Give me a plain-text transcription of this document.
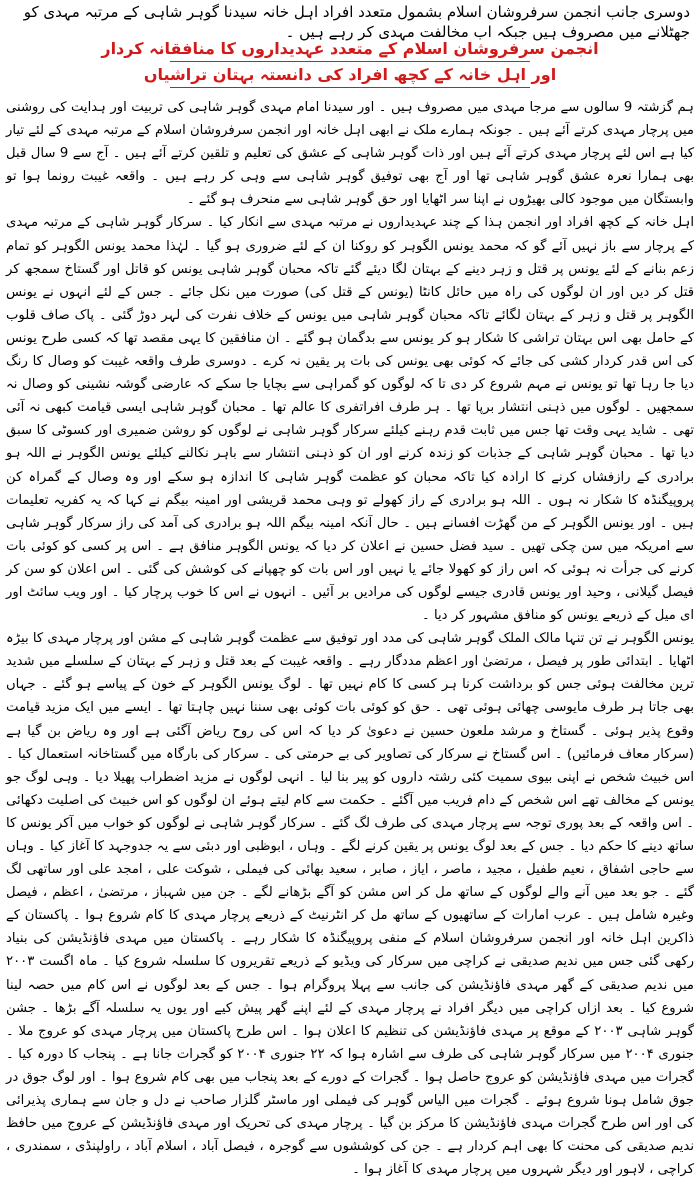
دوسری جانب انجمن سرفروشان اسلام بشمول متعدد افراد اہل خانہ سیدنا گوہر شاہی کے مرتبہ مہدی کو جھٹلانے میں مصروف ہیں جبکہ اب مخالفت مہدی کر رہے ہیں ۔
انجمن سرفروشان اسلام کے متعدد عہدیداروں کا منافقانہ کردار
اور اہل خانہ کے کچھ افراد کی دانستہ بہتان تراشیاں

ہم گزشتہ 9 سالوں سے مرجا مہدی میں مصروف ہیں ۔ اور سیدنا امام مہدی گوہر شاہی کی تربیت اور ہدایت کی روشنی میں پرچار مہدی کرتے آئے ہیں ۔ جونکہ ہمارے ملک نے ابھی اہل خانہ اور انجمن سرفروشان اسلام کے مرتبہ مہدی کے لئے تیار کیا ہے اس لئے پرچار مہدی کرتے آئے ہیں اور ذات گوہر شاہی کے عشق کی تعلیم و تلقین کرتے آئے ہیں ۔ آج سے 9 سال قبل بھی ہمارا نعرہ عشق گوہر شاہی تھا اور آج بھی توفیق گوہر شاہی سے وہی کر رہے ہیں ۔ واقعہ غیبت رونما ہوا تو وابستگان میں موجود کالی بھیڑوں نے اپنا سر اٹھایا اور حق گوہر شاہی سے منحرف ہو گئے ۔

اہل خانہ کے کچھ افراد اور انجمن ہذا کے چند عہدیداروں نے مرتبہ مہدی سے انکار کیا ۔ سرکار گوہر شاہی کے مرتبہ مہدی کے پرچار سے باز نہیں آئے گو کہ محمد یونس الگوہر کو روکنا ان کے لئے ضروری ہو گیا ۔ لہٰذا محمد یونس الگوہر کو تمام زعم بنانے کے لئے یونس پر قتل و زہر دینے کے بہتان لگا دیئے گئے تاکہ محبان گوہر شاہی یونس کو قاتل اور گستاخ سمجھ کر قتل کر دیں اور ان لوگوں کی راہ میں حائل کانٹا (یونس کے قتل کی) صورت میں نکل جائے ۔ جس کے لئے انہوں نے یونس الگوہر پر قتل و زہر کے بہتان لگائے تاکہ محبان گوہر شاہی میں یونس کے خلاف نفرت کی لہر دوڑ گئی ۔ پاک صاف قلوب کے حامل بھی اس بہتان تراشی کا شکار ہو کر یونس سے بدگمان ہو گئے ۔ ان منافقین کا یہی مقصد تھا کہ کسی طرح یونس کی اس قدر کردار کشی کی جائے کہ کوئی بھی یونس کی بات پر یقین نہ کرے ۔ دوسری طرف واقعہ غیبت کو وصال کا رنگ دیا جا رہا تھا تو یونس نے مہم شروع کر دی تا کہ لوگوں کو گمراہی سے بچایا جا سکے کہ عارضی گوشہ نشینی کو وصال نہ سمجھیں ۔ لوگوں میں ذہنی انتشار برپا تھا ۔ ہر طرف افراتفری کا عالم تھا ۔ محبان گوہر شاہی ایسی قیامت کبھی نہ آئی تھی ۔ شاید یہی وقت تھا جس میں ثابت قدم رہنے کیلئے سرکار گوہر شاہی نے لوگوں کو روشن ضمیری اور کسوٹی کا سبق دیا تھا ۔ محبان گوہر شاہی کے جذبات کو زندہ کرنے اور ان کو ذہنی انتشار سے باہر نکالنے کیلئے یونس الگوہر نے اللہ ہو برادری کے رازفشاں کرنے کا ارادہ کیا تاکہ محبان کو عظمت گوہر شاہی کا اندازہ ہو سکے اور وہ وصال کے گمراہ کن پروپیگنڈہ کا شکار نہ ہوں ۔ اللہ ہو برادری کے راز کھولے تو وہی محمد قریشی اور امینہ بیگم نے کہا کہ یہ کفریہ تعلیمات ہیں ۔ اور یونس الگوہر کے من گھڑت افسانے ہیں ۔ حال آنکہ امینہ بیگم اللہ ہو برادری کی آمد کی راز سرکار گوہر شاہی سے امریکہ میں سن چکی تھیں ۔ سید فضل حسین نے اعلان کر دیا کہ یونس الگوہر منافق ہے ۔ اس پر کسی کو کوئی بات کرنے کی جرأت نہ ہوئی کہ اس راز کو کھولا جائے یا نہیں اور اس بات کو چھپانے کی کوشش کی گئی ۔ اس اعلان کو سن کر فیصل گیلانی ، وحید اور یونس قادری جیسے لوگوں کی مرادیں بر آئیں ۔ انہوں نے اس کا خوب پرچار کیا ۔ اور ویب سائٹ اور ای میل کے ذریعے یونس کو منافق مشہور کر دیا ۔

یونس الگوہر نے تن تنہا مالک الملک گوہر شاہی کی مدد اور توفیق سے عظمت گوہر شاہی کے مشن اور پرچار مہدی کا بیڑہ اٹھایا ۔ ابتدائی طور پر فیصل ، مرتضیٰ اور اعظم مددگار رہے ۔ واقعہ غیبت کے بعد قتل و زہر کے بہتان کے سلسلے میں شدید ترین مخالفت ہوئی جس کو برداشت کرنا ہر کسی کا کام نہیں تھا ۔ لوگ یونس الگوہر کے خون کے پیاسے ہو گئے ۔ جہاں بھی جاتا ہر طرف مایوسی چھائی ہوئی تھی ۔ حق کو کوئی بات کوئی بھی سننا نہیں چاہتا تھا ۔ ایسے میں ایک مزید قیامت وقوع پذیر ہوئی ۔ گستاخ و مرشد ملعون حسین نے دعویٰ کر دیا کہ اس کی روح ریاض آگئی ہے اور وہ ریاض بن گیا ہے (سرکار معاف فرمائیں) ۔ اس گستاخ نے سرکار کی تصاویر کی بے حرمتی کی ۔ سرکار کی بارگاہ میں گستاخانہ استعمال کیا ۔ اس خبیث شخص نے اپنی بیوی سمیت کئی رشتہ داروں کو پیر بنا لیا ۔ انہی لوگوں نے مزید اضطراب پھیلا دیا ۔ وہی لوگ جو یونس کے مخالف تھے اس شخص کے دام فریب میں آگئے ۔ حکمت سے کام لیتے ہوئے ان لوگوں کو اس خبیث کی اصلیت دکھائی ۔ اس واقعہ کے بعد پوری توجہ سے پرچار مہدی کی طرف لگ گئے ۔ سرکار گوہر شاہی نے لوگوں کو خواب میں آکر یونس کا ساتھ دینے کا حکم دیا ۔ جس کے بعد لوگ یونس پر یقین کرنے لگے ۔ وہاں ، ابوظبی اور دبئی سے یہ جدوجہد کا آغاز کیا ۔ وہاں سے حاجی اشفاق ، نعیم طفیل ، مجید ، ماصر ، ایاز ، صابر ، سعید بھائی کی فیملی ، شوکت علی ، امجد علی اور ساتھی لگ گئے ۔ جو بعد میں آنے والے لوگوں کے ساتھ مل کر اس مشن کو آگے بڑھانے لگے ۔ جن میں شہباز ، مرتضیٰ ، اعظم ، فیصل وغیرہ شامل ہیں ۔ عرب امارات کے ساتھیوں کے ساتھ مل کر انٹرنیٹ کے ذریعے پرچار مہدی کا کام شروع ہوا ۔ پاکستان کے ذاکرین اہل خانہ اور انجمن سرفروشان اسلام کے منفی پروپیگنڈہ کا شکار رہے ۔ پاکستان میں مہدی فاؤنڈیشن کی بنیاد رکھی گئی جس میں ندیم صدیقی نے کراچی میں سرکار کی ویڈیو کے ذریعے تقریروں کا سلسلہ شروع کیا ۔ ماہ اگست ۲۰۰۳ میں ندیم صدیقی کے گھر مہدی فاؤنڈیشن کی جانب سے پہلا پروگرام ہوا ۔ جس کے بعد لوگوں نے اس کام میں حصہ لینا شروع کیا ۔ بعد ازاں کراچی میں دیگر افراد نے پرچار مہدی کے لئے اپنے گھر پیش کیے اور یوں یہ سلسلہ آگے بڑھا ۔ جشن گوہر شاہی ۲۰۰۳ کے موقع پر مہدی فاؤنڈیشن کی تنظیم کا اعلان ہوا ۔ اس طرح پاکستان میں پرچار مہدی کو عروج ملا ۔ جنوری ۲۰۰۴ میں سرکار گوہر شاہی کی طرف سے اشارہ ہوا کہ ۲۲ جنوری ۲۰۰۴ کو گجرات جانا ہے ۔ پنجاب کا دورہ کیا ۔ گجرات میں مہدی فاؤنڈیشن کو عروج حاصل ہوا ۔ گجرات کے دورے کے بعد پنجاب میں بھی کام شروع ہوا ۔ اور لوگ جوق در جوق شامل ہونا شروع ہوئے ۔ گجرات میں الیاس گوہر کی فیملی اور ماسٹر گلزار صاحب نے دل و جان سے ہماری پذیرائی کی اور اس طرح گجرات مہدی فاؤنڈیشن کا مرکز بن گیا ۔ پرچار مہدی کی تحریک اور مہدی فاؤنڈیشن کے عروج میں حافظ ندیم صدیقی کی محنت کا بھی اہم کردار ہے ۔ جن کی کوششوں سے گوجرہ ، فیصل آباد ، اسلام آباد ، راولپنڈی ، سمندری ، کراچی ، لاہور اور دیگر شہروں میں پرچار مہدی کا آغاز ہوا ۔
